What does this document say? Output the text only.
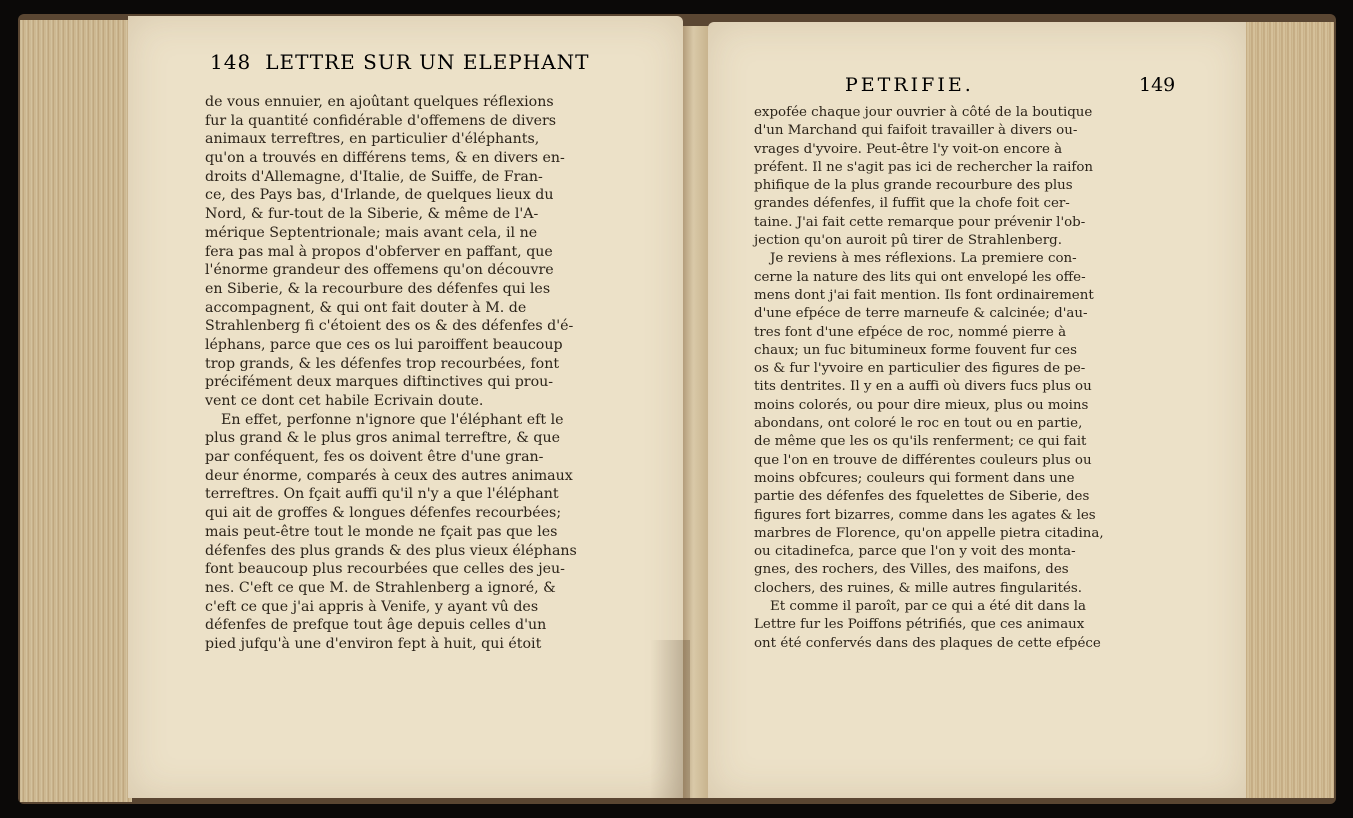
148 LETTRE SUR UN ELEPHANT
PETRIFIE.	149
de vous ennuier, en ajoûtant quelques réflexions
fur la quantité confidérable d'offemens de divers
animaux terreftres, en particulier d'éléphants,
qu'on a trouvés en différens tems, & en divers en-
droits d'Allemagne, d'Italie, de Suiffe, de Fran-
ce, des Pays bas, d'Irlande, de quelques lieux du
Nord, & fur-tout de la Siberie, & même de l'A-
mérique Septentrionale; mais avant cela, il ne
fera pas mal à propos d'obferver en paffant, que
l'énorme grandeur des offemens qu'on découvre
en Siberie, & la recourbure des défenfes qui les
accompagnent, & qui ont fait douter à M. de
Strahlenberg fi c'étoient des os & des défenfes d'é-
léphans, parce que ces os lui paroiffent beaucoup
trop grands, & les défenfes trop recourbées, font
précifément deux marques diftinctives qui prou-
vent ce dont cet habile Ecrivain doute.
En effet, perfonne n'ignore que l'éléphant eft le
plus grand & le plus gros animal terreftre, & que
par conféquent, fes os doivent être d'une gran-
deur énorme, comparés à ceux des autres animaux
terreftres. On fçait auffi qu'il n'y a que l'éléphant
qui ait de groffes & longues défenfes recourbées;
mais peut-être tout le monde ne fçait pas que les
défenfes des plus grands & des plus vieux éléphans
font beaucoup plus recourbées que celles des jeu-
nes. C'eft ce que M. de Strahlenberg a ignoré, &
c'eft ce que j'ai appris à Venife, y ayant vû des
défenfes de prefque tout âge depuis celles d'un
pied jufqu'à une d'environ fept à huit, qui étoit
expofée chaque jour ouvrier à côté de la boutique
d'un Marchand qui faifoit travailler à divers ou-
vrages d'yvoire. Peut-être l'y voit-on encore à
préfent. Il ne s'agit pas ici de rechercher la raifon
phifique de la plus grande recourbure des plus
grandes défenfes, il fuffit que la chofe foit cer-
taine. J'ai fait cette remarque pour prévenir l'ob-
jection qu'on auroit pû tirer de Strahlenberg.
Je reviens à mes réflexions. La premiere con-
cerne la nature des lits qui ont envelopé les offe-
mens dont j'ai fait mention. Ils font ordinairement
d'une efpéce de terre marneufe & calcinée; d'au-
tres font d'une efpéce de roc, nommé pierre à
chaux; un fuc bitumineux forme fouvent fur ces
os & fur l'yvoire en particulier des figures de pe-
tits dentrites. Il y en a auffi où divers fucs plus ou
moins colorés, ou pour dire mieux, plus ou moins
abondans, ont coloré le roc en tout ou en partie,
de même que les os qu'ils renferment; ce qui fait
que l'on en trouve de différentes couleurs plus ou
moins obfcures; couleurs qui forment dans une
partie des défenfes des fquelettes de Siberie, des
figures fort bizarres, comme dans les agates & les
marbres de Florence, qu'on appelle pietra citadina,
ou citadinefca, parce que l'on y voit des monta-
gnes, des rochers, des Villes, des maifons, des
clochers, des ruines, & mille autres fingularités.
Et comme il paroît, par ce qui a été dit dans la
Lettre fur les Poiffons pétrifiés, que ces animaux
ont été confervés dans des plaques de cette efpéce
